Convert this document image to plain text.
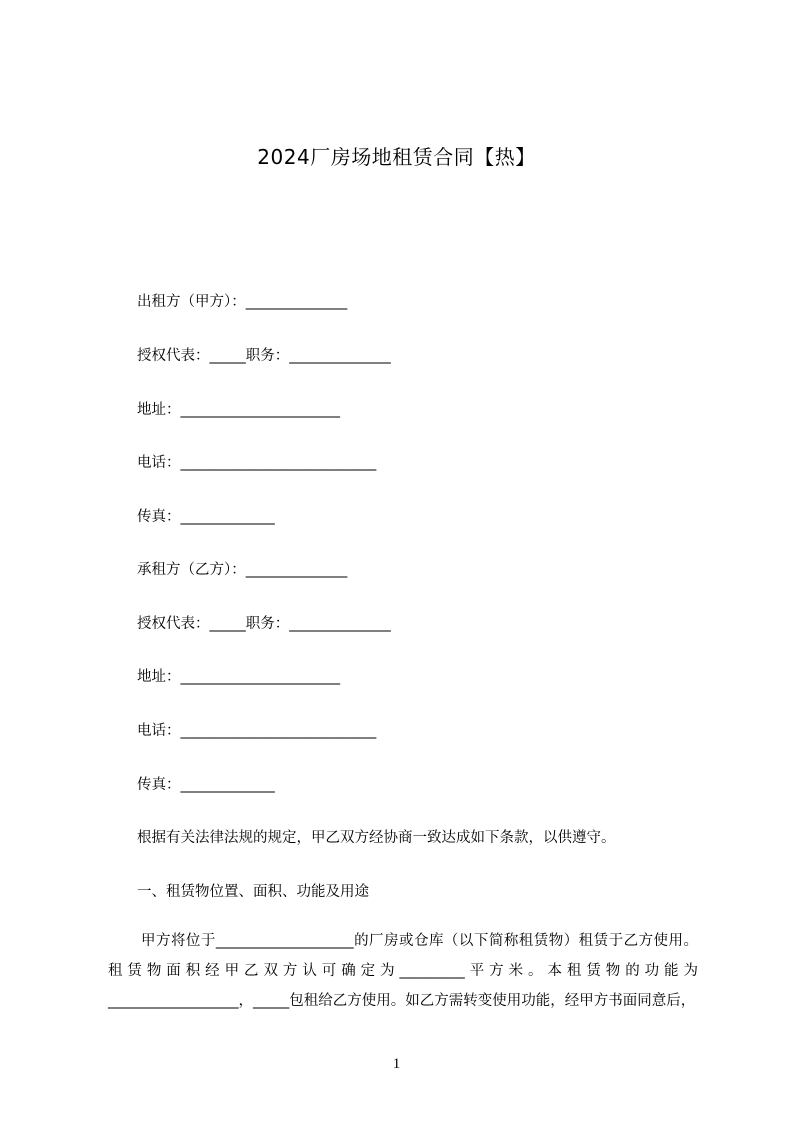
2024厂房场地租赁合同【热】
出租方（甲方）：______________
授权代表：_____职务：______________
地址：______________________
电话：___________________________
传真：_____________
承租方（乙方）：______________
授权代表：_____职务：______________
地址：______________________
电话：___________________________
传真：_____________
根据有关法律法规的规定，甲乙双方经协商一致达成如下条款，以供遵守。
一、租赁物位置、面积、功能及用途
甲方将位于___________________的厂房或仓库（以下简称租赁物）租赁于乙方使用。租赁物面积经甲乙双方认可确定为_________平方米。本租赁物的功能为__________________，_____包租给乙方使用。如乙方需转变使用功能，经甲方书面同意后，
1
